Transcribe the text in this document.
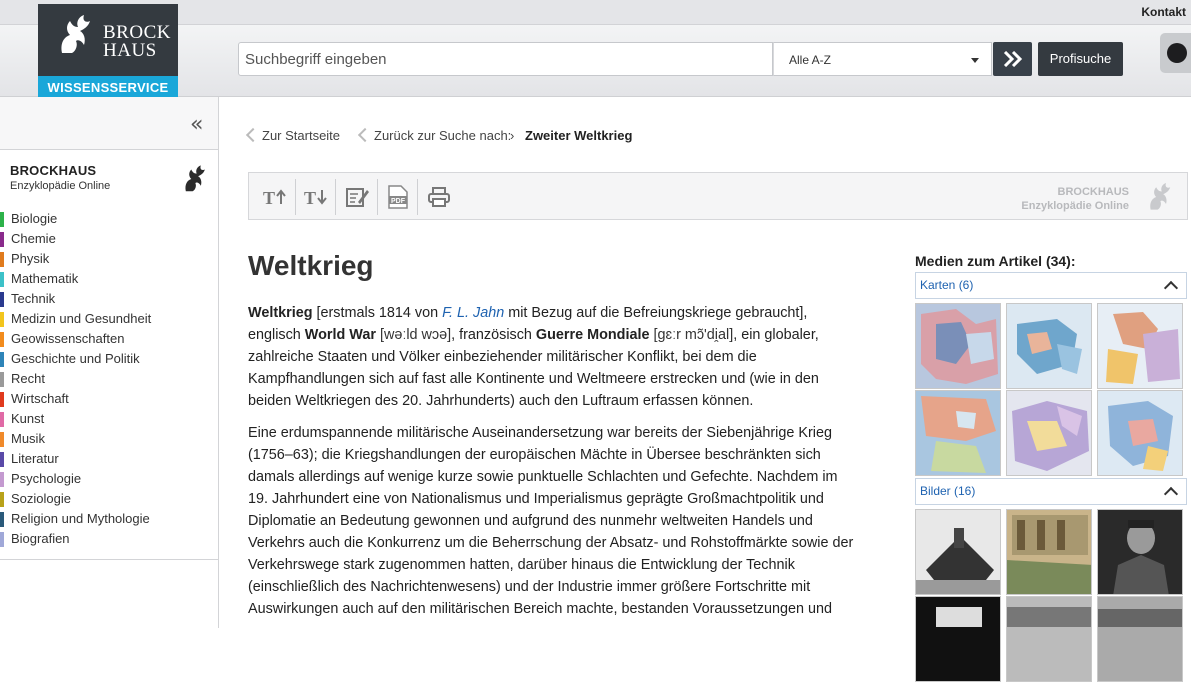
Kontakt
BROCK
HAUS
WISSENSSERVICE
Suchbegriff eingeben	Alle A-Z	Profisuche
«
BROCKHAUS
Enzyklopädie Online
Biologie
Chemie
Physik
Mathematik
Technik
Medizin und Gesundheit
Geowissenschaften
Geschichte und Politik
Recht
Wirtschaft
Kunst
Musik
Literatur
Psychologie
Soziologie
Religion und Mythologie
Biografien
Zur Startseite	Zurück zur Suche nach:
› Zweiter Weltkrieg
T T	PDF
BROCKHAUS
Enzyklopädie Online
Weltkrieg

Weltkrieg [erstmals 1814 von F. L. Jahn mit Bezug auf die Befreiungskriege gebraucht], englisch World War [wəːld wɔə], französisch Guerre Mondiale [gɛːr mɔ̃'di̯al], ein globaler, zahlreiche Staaten und Völker einbeziehender militärischer Konflikt, bei dem die Kampfhandlungen sich auf fast alle Kontinente und Weltmeere erstrecken und (wie in den beiden Weltkriegen des 20. Jahrhunderts) auch den Luftraum erfassen können.

Eine erdumspannende militärische Auseinandersetzung war bereits der Siebenjährige Krieg (1756–63); die Kriegshandlungen der europäischen Mächte in Übersee beschränkten sich damals allerdings auf wenige kurze sowie punktuelle Schlachten und Gefechte. Nachdem im 19. Jahrhundert eine von Nationalismus und Imperialismus geprägte Großmachtpolitik und Diplomatie an Bedeutung gewonnen und aufgrund des nunmehr weltweiten Handels und Verkehrs auch die Konkurrenz um die Beherrschung der Absatz- und Rohstoffmärkte sowie der Verkehrswege stark zugenommen hatten, darüber hinaus die Entwicklung der Technik (einschließlich des Nachrichtenwesens) und der Industrie immer größere Fortschritte mit Auswirkungen auch auf den militärischen Bereich machte, bestanden Voraussetzungen und

Medien zum Artikel (34):
Karten (6)
Bilder (16)
